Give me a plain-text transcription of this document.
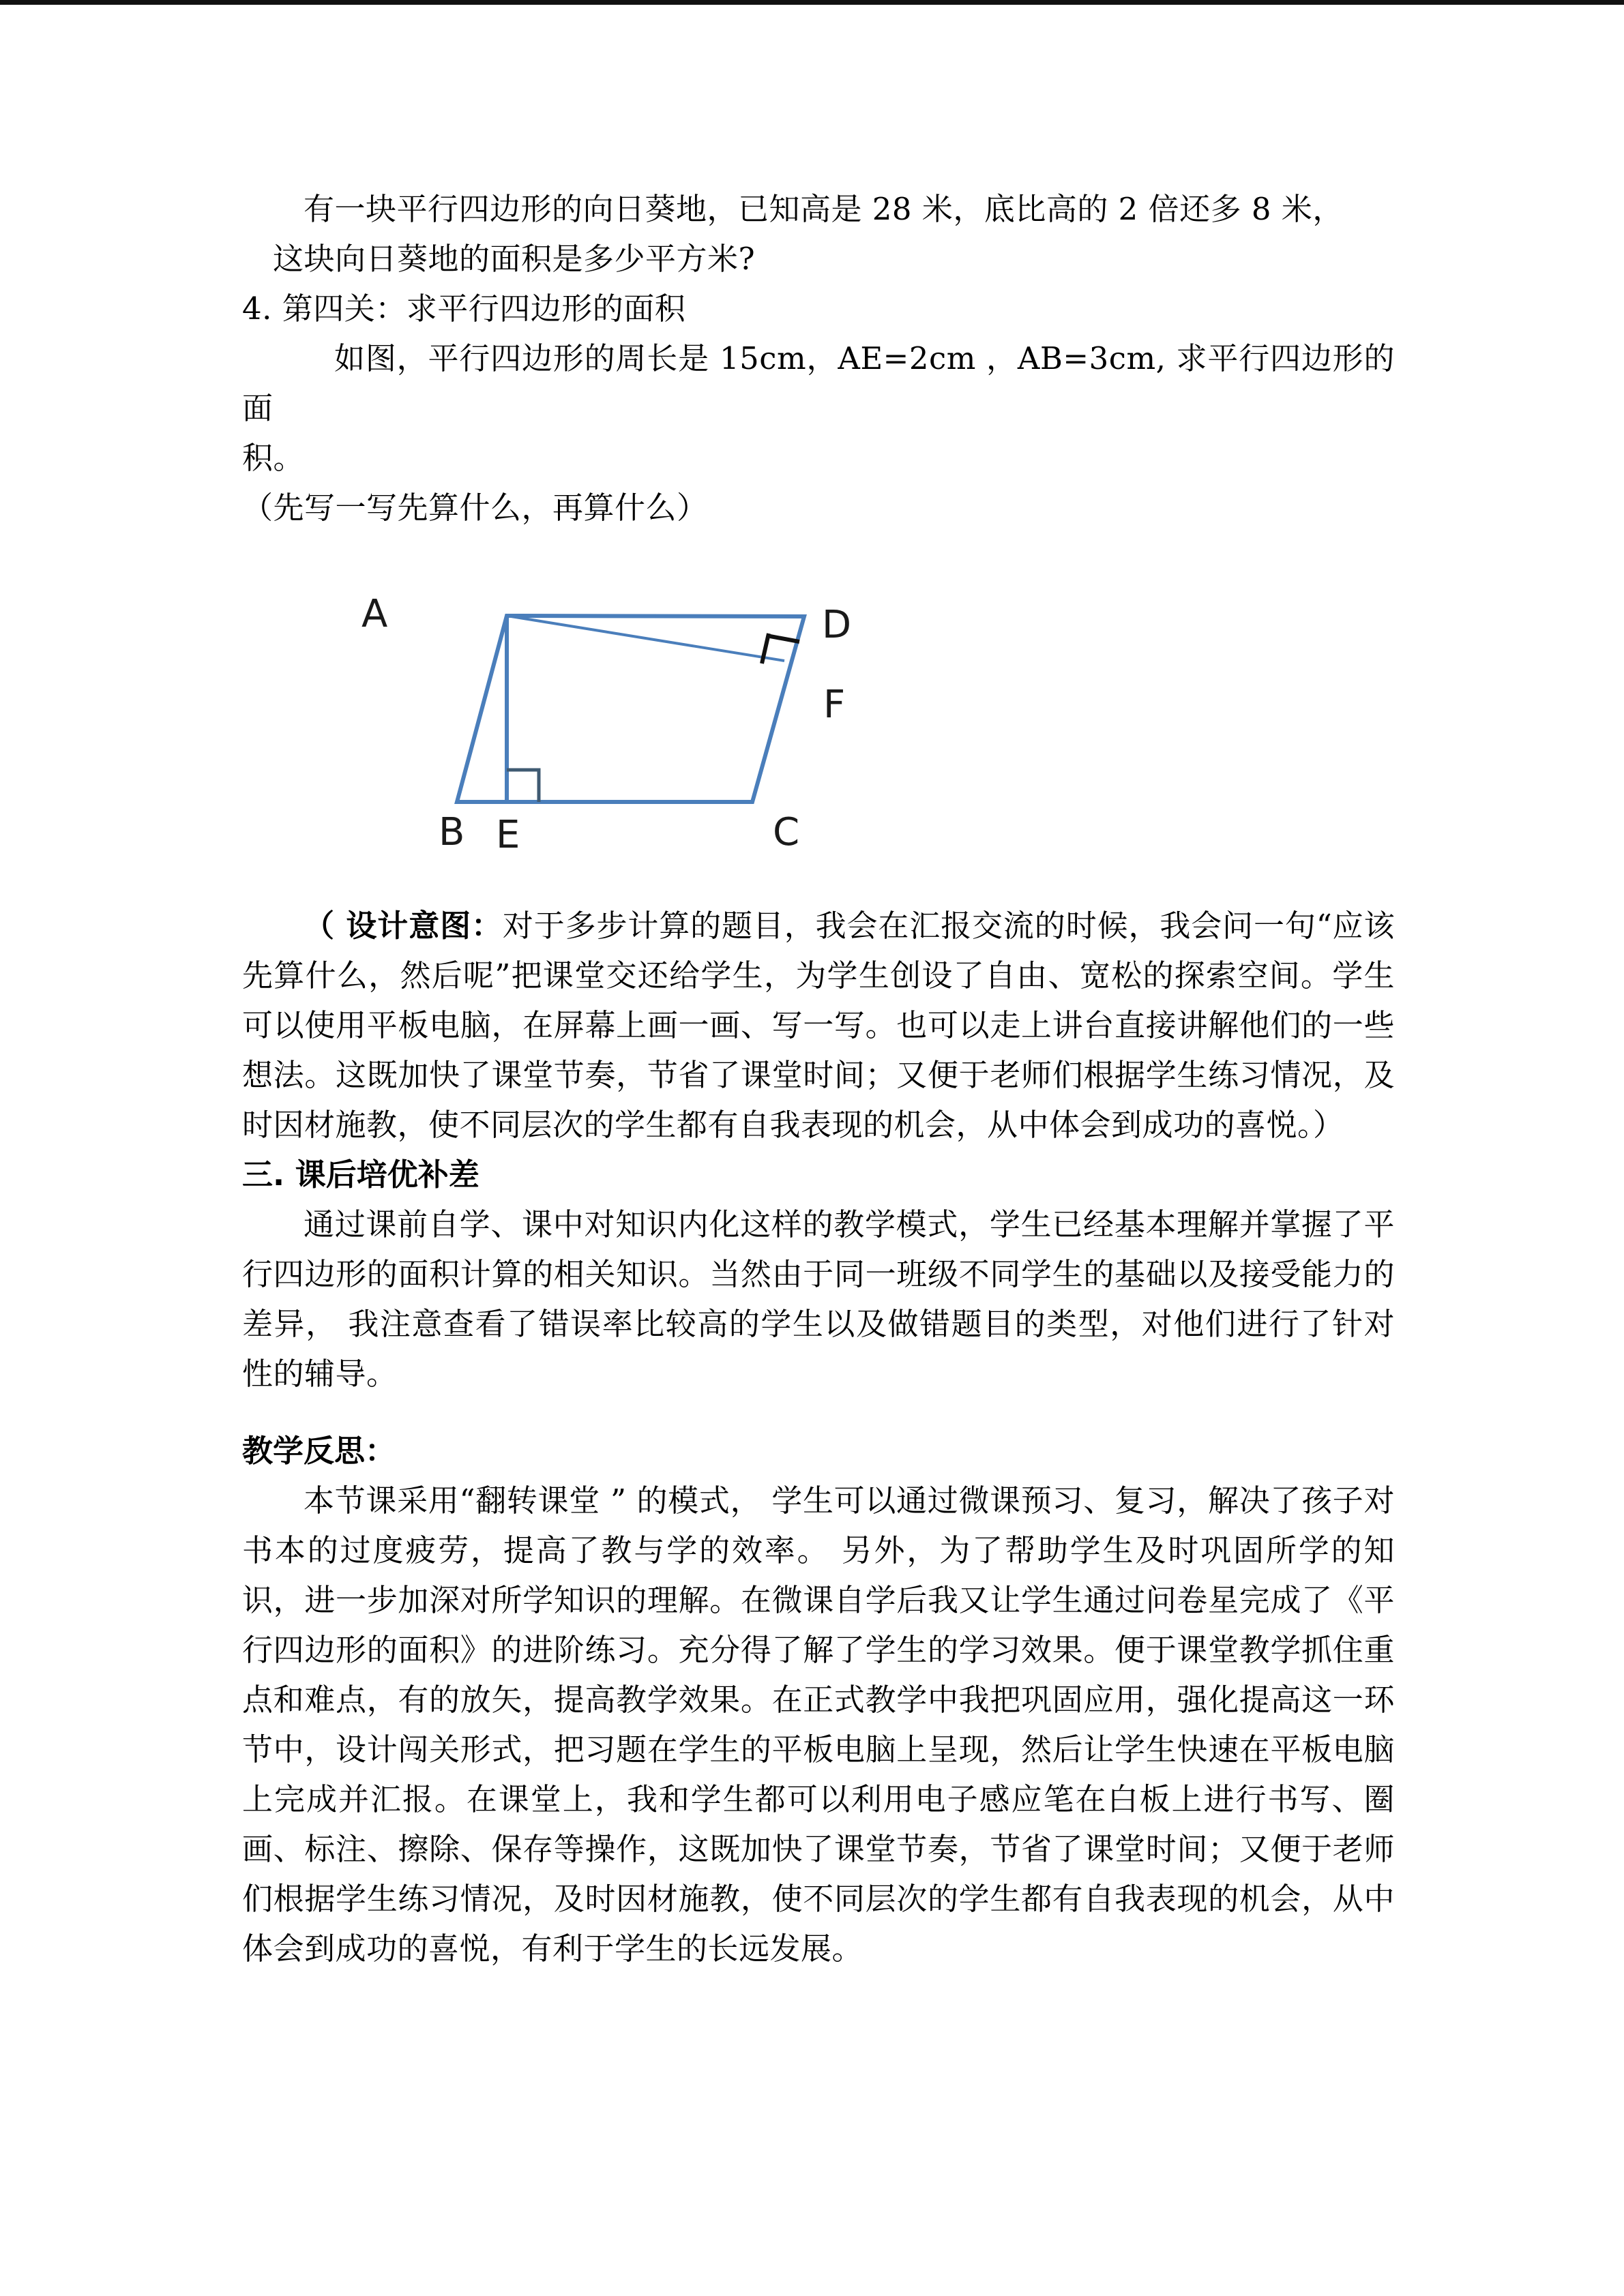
有一块平行四边形的向日葵地，已知高是 28 米，底比高的 2 倍还多 8 米，

这块向日葵地的面积是多少平方米?

4. 第四关：求平行四边形的面积

如图，平行四边形的周长是 15cm，AE=2cm ，AB=3cm, 求平行四边形的面

积。

（先写一写先算什么，再算什么）

A	D
F
B E	C

（ 设计意图：对于多步计算的题目，我会在汇报交流的时候，我会问一句“应该先算什么，然后呢”把课堂交还给学生，为学生创设了自由、宽松的探索空间。学生可以使用平板电脑，在屏幕上画一画、写一写。也可以走上讲台直接讲解他们的一些想法。这既加快了课堂节奏，节省了课堂时间；又便于老师们根据学生练习情况，及时因材施教，使不同层次的学生都有自我表现的机会，从中体会到成功的喜悦。）

三. 课后培优补差

通过课前自学、课中对知识内化这样的教学模式，学生已经基本理解并掌握了平行四边形的面积计算的相关知识。当然由于同一班级不同学生的基础以及接受能力的差异， 我注意查看了错误率比较高的学生以及做错题目的类型，对他们进行了针对性的辅导。

教学反思：

本节课采用“翻转课堂 ” 的模式， 学生可以通过微课预习、复习，解决了孩子对书本的过度疲劳，提高了教与学的效率。 另外，为了帮助学生及时巩固所学的知识，进一步加深对所学知识的理解。在微课自学后我又让学生通过问卷星完成了《平行四边形的面积》的进阶练习。充分得了解了学生的学习效果。便于课堂教学抓住重点和难点，有的放矢，提高教学效果。在正式教学中我把巩固应用，强化提高这一环节中，设计闯关形式，把习题在学生的平板电脑上呈现，然后让学生快速在平板电脑上完成并汇报。在课堂上，我和学生都可以利用电子感应笔在白板上进行书写、圈画、标注、擦除、保存等操作，这既加快了课堂节奏，节省了课堂时间；又便于老师们根据学生练习情况，及时因材施教，使不同层次的学生都有自我表现的机会，从中体会到成功的喜悦，有利于学生的长远发展。
